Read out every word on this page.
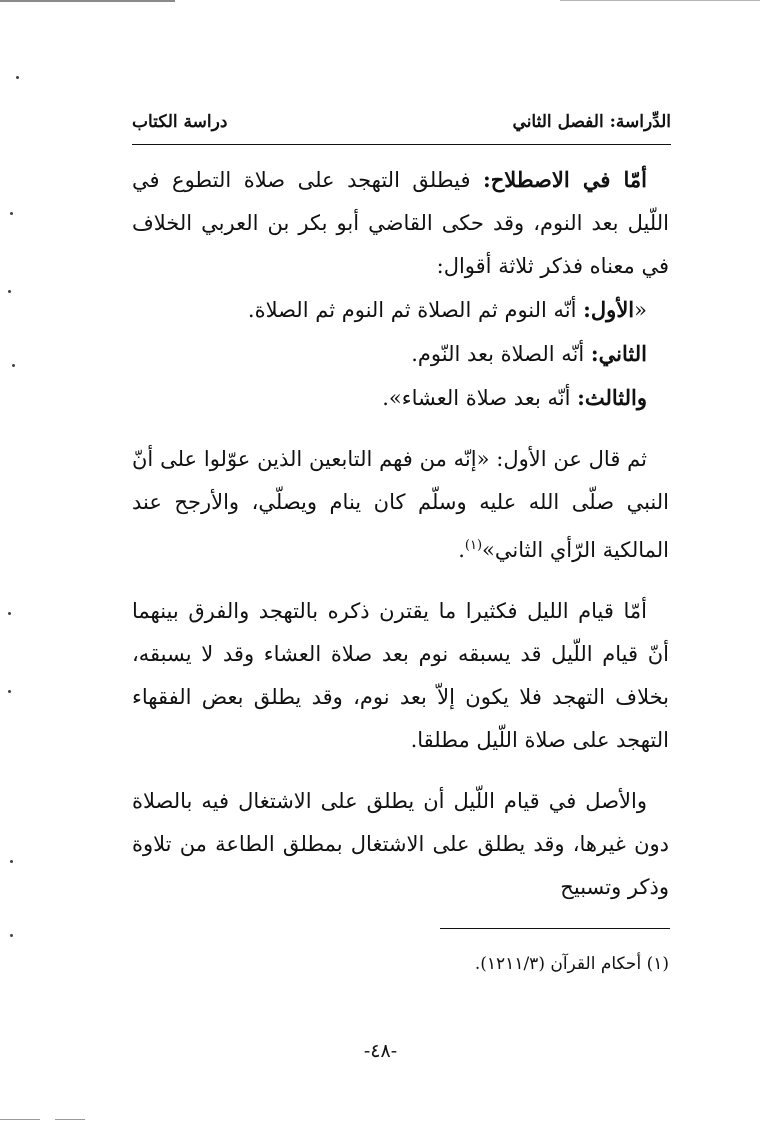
الدِّراسة: الفصل الثاني
دراسة الكتاب

أمّا في الاصطلاح: فيطلق التهجد على صلاة التطوع في اللّيل بعد النوم، وقد حكى القاضي أبو بكر بن العربي الخلاف في معناه فذكر ثلاثة أقوال:

«الأول: أنّه النوم ثم الصلاة ثم النوم ثم الصلاة.

الثاني: أنّه الصلاة بعد النّوم.

والثالث: أنّه بعد صلاة العشاء».

ثم قال عن الأول: «إنّه من فهم التابعين الذين عوّلوا على أنّ النبي صلّى الله عليه وسلّم كان ينام ويصلّي، والأرجح عند المالكية الرّأي الثاني»$^{(١)}$.

أمّا قيام الليل فكثيرا ما يقترن ذكره بالتهجد والفرق بينهما أنّ قيام اللّيل قد يسبقه نوم بعد صلاة العشاء وقد لا يسبقه، بخلاف التهجد فلا يكون إلاّ بعد نوم، وقد يطلق بعض الفقهاء التهجد على صلاة اللّيل مطلقا.

والأصل في قيام اللّيل أن يطلق على الاشتغال فيه بالصلاة دون غيرها، وقد يطلق على الاشتغال بمطلق الطاعة من تلاوة وذكر وتسبيح

(١) أحكام القرآن (١٢١١/٣).
-٤٨-
